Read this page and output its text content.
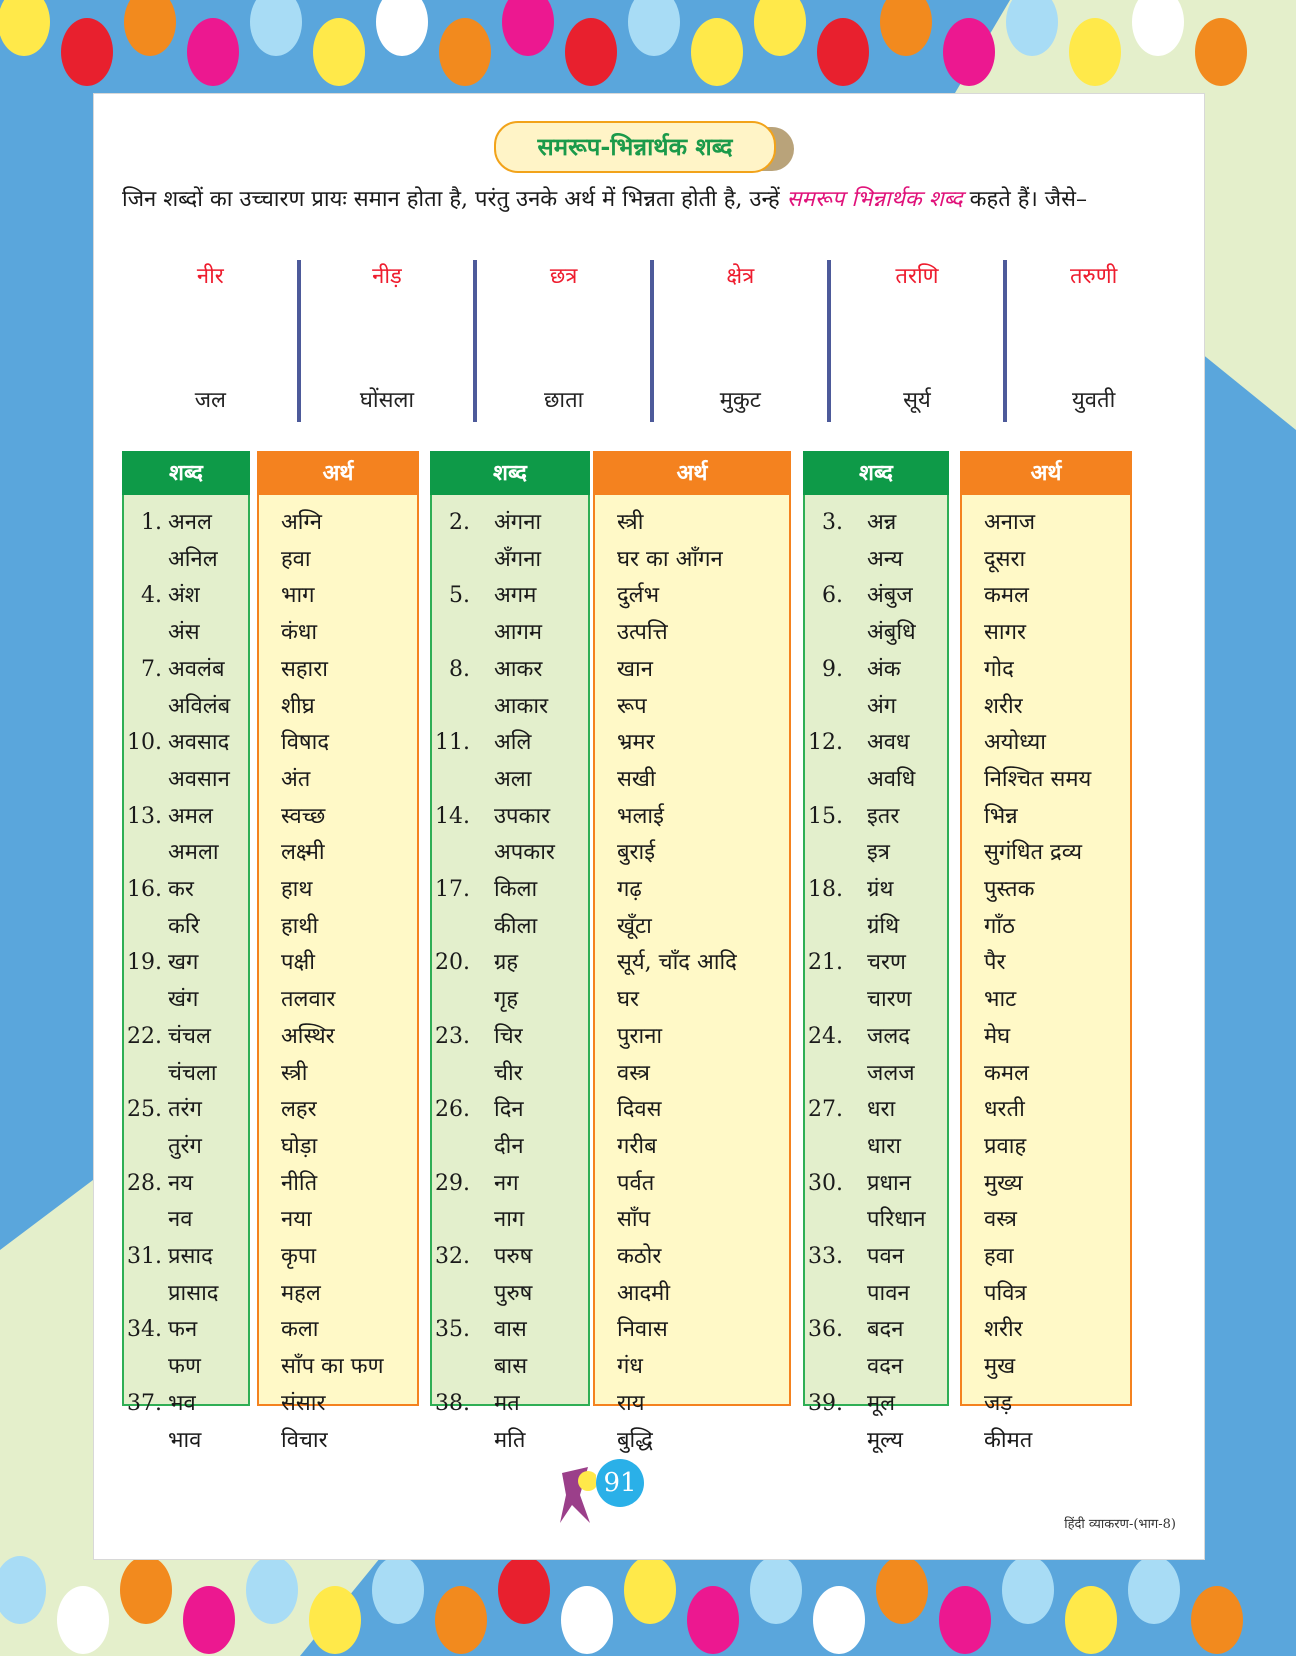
समरूप-भिन्नार्थक शब्द
जिन शब्दों का उच्चारण प्रायः समान होता है, परंतु उनके अर्थ में भिन्नता होती है, उन्हें समरूप भिन्नार्थक शब्द कहते हैं। जैसे–
नीर
जल
नीड़
घोंसला
छत्र
छाता
क्षेत्र
मुकुट
तरणि
सूर्य
तरुणी
युवती
शब्द
1. अनल
अनिल
4. अंश
अंस
7. अवलंब
अविलंब
10. अवसाद
अवसान
13. अमल
अमला
16. कर
करि
19. खग
खंग
22. चंचल
चंचला
25. तरंग
तुरंग
28. नय
नव
31. प्रसाद
प्रासाद
34. फन
फण
37. भव
भाव
अर्थ
अग्नि
हवा
भाग
कंधा
सहारा
शीघ्र
विषाद
अंत
स्वच्छ
लक्ष्मी
हाथ
हाथी
पक्षी
तलवार
अस्थिर
स्त्री
लहर
घोड़ा
नीति
नया
कृपा
महल
कला
साँप का फण
संसार
विचार
शब्द
2. अंगना
अँगना
5. अगम
आगम
8. आकर
आकार
11. अलि
अला
14. उपकार
अपकार
17. किला
कीला
20. ग्रह
गृह
23. चिर
चीर
26. दिन
दीन
29. नग
नाग
32. परुष
पुरुष
35. वास
बास
38. मत
मति
अर्थ
स्त्री
घर का आँगन
दुर्लभ
उत्पत्ति
खान
रूप
भ्रमर
सखी
भलाई
बुराई
गढ़
खूँटा
सूर्य, चाँद आदि
घर
पुराना
वस्त्र
दिवस
गरीब
पर्वत
साँप
कठोर
आदमी
निवास
गंध
राय
बुद्धि
शब्द
3. अन्न
अन्य
6. अंबुज
अंबुधि
9. अंक
अंग
12. अवध
अवधि
15. इतर
इत्र
18. ग्रंथ
ग्रंथि
21. चरण
चारण
24. जलद
जलज
27. धरा
धारा
30. प्रधान
परिधान
33. पवन
पावन
36. बदन
वदन
39. मूल
मूल्य
अर्थ
अनाज
दूसरा
कमल
सागर
गोद
शरीर
अयोध्या
निश्चित समय
भिन्न
सुगंधित द्रव्य
पुस्तक
गाँठ
पैर
भाट
मेघ
कमल
धरती
प्रवाह
मुख्य
वस्त्र
हवा
पवित्र
शरीर
मुख
जड़
कीमत
91
हिंदी व्याकरण-(भाग-8)
